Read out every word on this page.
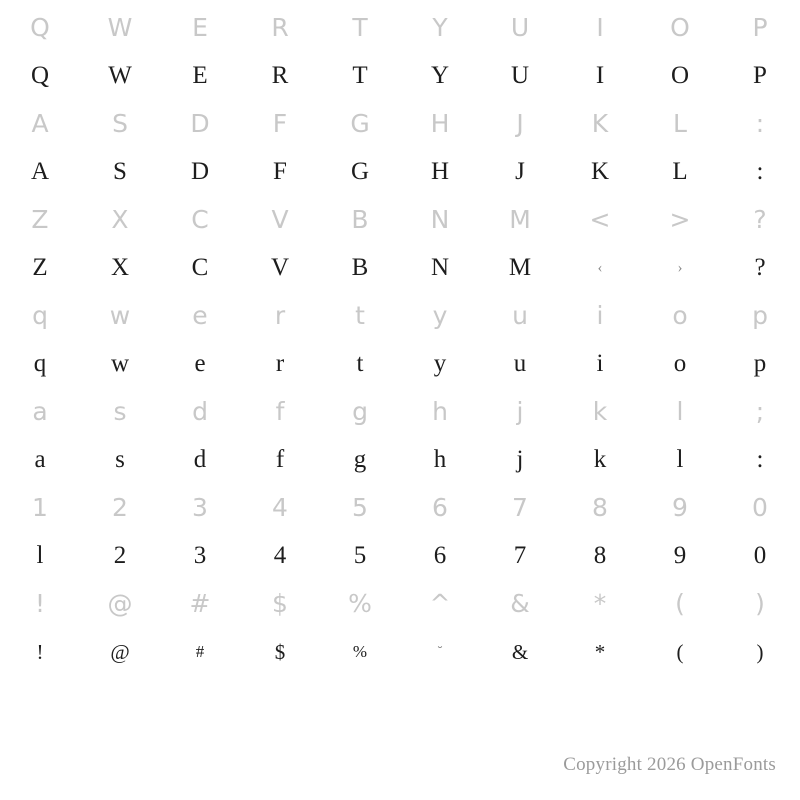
Q	W	E	R	T	Y	U	I	O	P
Q	W	E	R	T	Y	U	I	O	P
A	S	D	F	G	H	J	K	L	:
A	S	D	F	G	H	J	K	L	:
Z	X	C	V	B	N	M	<	>	?
Z	X	C	V	B	N	M	‹	›	?
q	w	e	r	t	y	u	i	o	p
q	w	e	r	t	y	u	i	o	p
a	s	d	f	g	h	j	k	l	;
a	s	d	f	g	h	j	k	l	:
1	2	3	4	5	6	7	8	9	0
l	2	3	4	5	6	7	8	9	0
!	@	#	$	%	^	&	*	(	)
!	@	#	$	%	˘	&	*	(	)
Copyright 2026 OpenFonts
